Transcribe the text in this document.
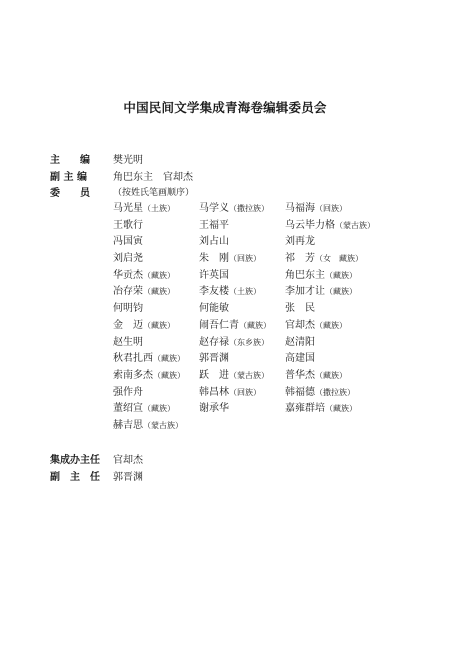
中国民间文学集成青海卷编辑委员会
主　　编 樊光明
副 主 编	角巴东主　官却杰
委　　员	（按姓氏笔画顺序）
马光星（土族）	马学义（撒拉族）	马福海（回族）
王歌行	王福平	乌云毕力格（蒙古族）
冯国寅	刘占山	刘再龙
刘启尧	朱　刚（回族）	祁　芳（女　藏族）
华贡杰（藏族）	许英国	角巴东主（藏族）
冶存荣（藏族）	李友楼（土族）	李加才让（藏族）
何明钧	何能敏	张　民
金　迈（藏族）	闹吾仁青（藏族）	官却杰（藏族）
赵生明	赵存禄（东乡族）	赵清阳
秋君扎西（藏族）	郭晋渊	高建国
索南多杰（藏族）	跃　进（蒙古族）	普华杰（藏族）
强作舟	韩昌林（回族）	韩福德（撒拉族）
董绍宣（藏族）	谢承华	嘉雍群培（藏族）
赫吉思（蒙古族）
集成办主任 官却杰
副　主　任 郭晋渊
